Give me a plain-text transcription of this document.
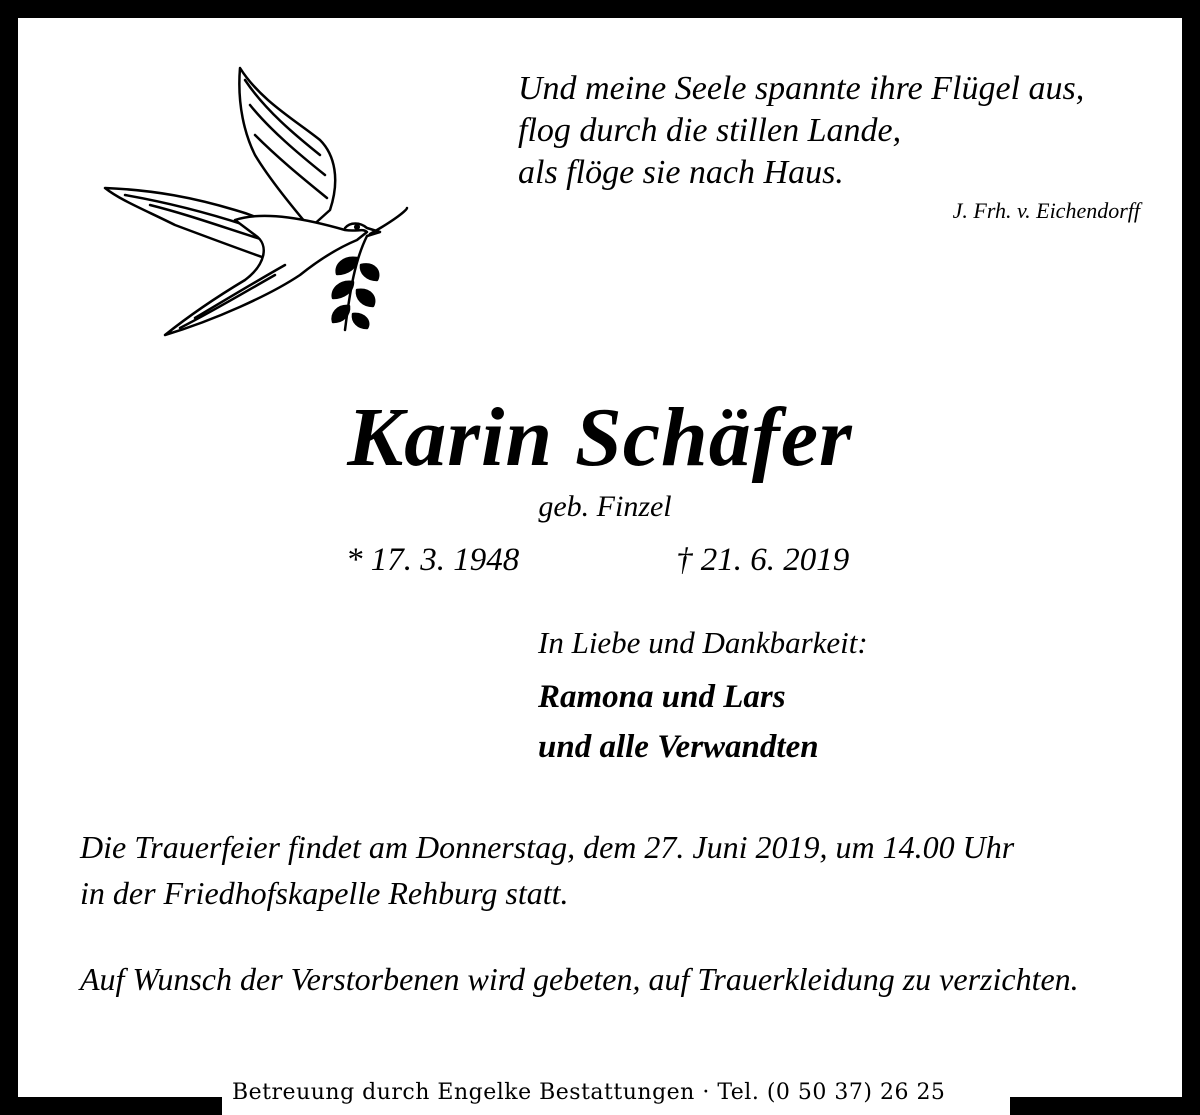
Und meine Seele spannte ihre Flügel aus,
flog durch die stillen Lande,
als flöge sie nach Haus.
J. Frh. v. Eichendorff
Karin Schäfer
geb. Finzel
* 17. 3. 1948	† 21. 6. 2019
In Liebe und Dankbarkeit:
Ramona und Lars
und alle Verwandten
Die Trauerfeier findet am Donnerstag, dem 27. Juni 2019, um 14.00 Uhr
in der Friedhofskapelle Rehburg statt.
Auf Wunsch der Verstorbenen wird gebeten, auf Trauerkleidung zu verzichten.
Betreuung durch Engelke Bestattungen · Tel. (0 50 37) 26 25
